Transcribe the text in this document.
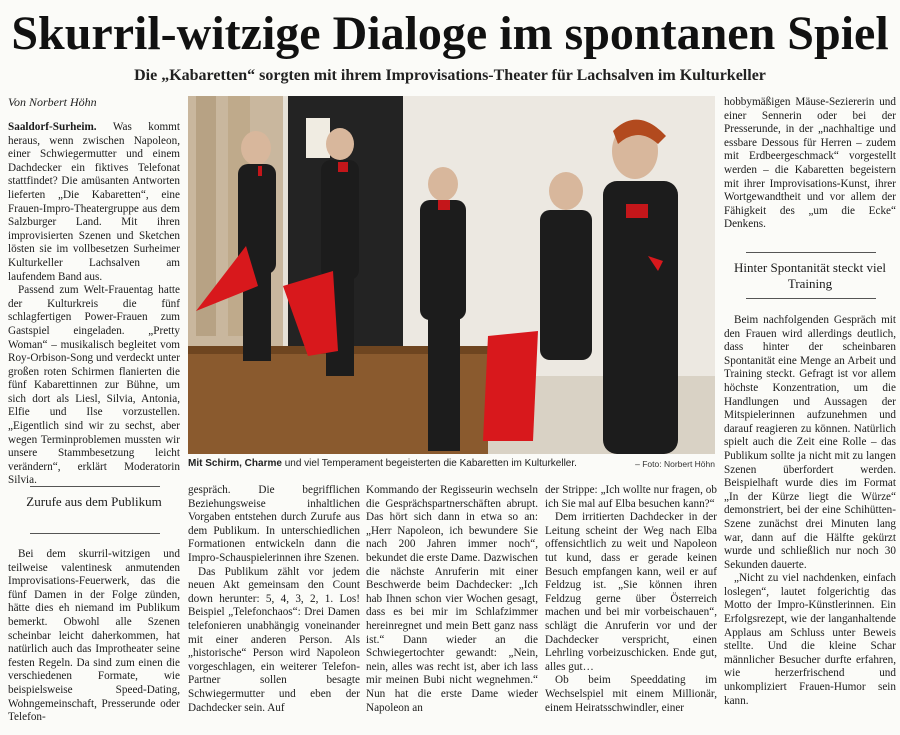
Skurril-witzige Dialoge im spontanen Spiel
Die „Kabaretten“ sorgten mit ihrem Improvisations-Theater für Lachsalven im Kulturkeller
Von Norbert Höhn

Saaldorf-Surheim. Was kommt heraus, wenn zwischen Napoleon, einer Schwiegermutter und einem Dachdecker ein fiktives Telefonat stattfindet? Die amüsanten Antworten lieferten „Die Kabaretten“, eine Frauen-Impro-Theatergruppe aus dem Salzburger Land. Mit ihren improvisierten Szenen und Sketchen lösten sie im vollbesetzen Surheimer Kulturkeller Lachsalven am laufendem Band aus.

Passend zum Welt-Frauentag hatte der Kulturkreis die fünf schlagfertigen Power-Frauen zum Gastspiel eingeladen. „Pretty Woman“ – musikalisch begleitet vom Roy-Orbison-Song und verdeckt unter großen roten Schirmen flanierten die fünf Kabarettinnen zur Bühne, um sich dort als Liesl, Silvia, Antonia, Elfie und Ilse vorzustellen. „Eigentlich sind wir zu sechst, aber wegen Terminproblemen mussten wir unsere Stammbesetzung leicht verändern“, erklärt Moderatorin Silvia.

Zurufe aus dem Publikum

Bei dem skurril-witzigen und teilweise valentinesk anmutenden Improvisations-Feuerwerk, das die fünf Damen in der Folge zünden, hätte dies eh niemand im Publikum bemerkt. Obwohl alle Szenen scheinbar leicht daherkommen, hat natürlich auch das Improtheater seine festen Regeln. Da sind zum einen die verschiedenen Formate, wie beispielsweise Speed-Dating, Wohngemeinschaft, Presserunde oder Telefon-

Mit Schirm, Charme und viel Temperament begeisterten die Kabaretten im Kulturkeller.	– Foto: Norbert Höhn

gespräch. Die begrifflichen Beziehungsweise inhaltlichen Vorgaben entstehen durch Zurufe aus dem Publikum. In unterschiedlichen Formationen entwickeln dann die Impro-Schauspielerinnen ihre Szenen.

Das Publikum zählt vor jedem neuen Akt gemeinsam den Count down herunter: 5, 4, 3, 2, 1. Los! Beispiel „Telefonchaos“: Drei Damen telefonieren unabhängig voneinander mit einer anderen Person. Als „historische“ Person wird Napoleon vorgeschlagen, ein weiterer Telefon-Partner sollen besagte Schwiegermutter und eben der Dachdecker sein. Auf

Kommando der Regisseurin wechseln die Gesprächspartnerschäften abrupt. Das hört sich dann in etwa so an: „Herr Napoleon, ich bewundere Sie nach 200 Jahren immer noch“, bekundet die erste Dame. Dazwischen die nächste Anruferin mit einer Beschwerde beim Dachdecker: „Ich hab Ihnen schon vier Wochen gesagt, dass es bei mir im Schlafzimmer hereinregnet und mein Bett ganz nass ist.“ Dann wieder an die Schwiegertochter gewandt: „Nein, nein, alles was recht ist, aber ich lass mir meinen Bubi nicht wegnehmen.“ Nun hat die erste Dame wieder Napoleon an

der Strippe: „Ich wollte nur fragen, ob ich Sie mal auf Elba besuchen kann?“

Dem irritierten Dachdecker in der Leitung scheint der Weg nach Elba offensichtlich zu weit und Napoleon tut kund, dass er gerade keinen Besuch empfangen kann, weil er auf Feldzug ist. „Sie können ihren Feldzug gerne über Österreich machen und bei mir vorbeischauen“, schlägt die Anruferin vor und der Dachdecker verspricht, einen Lehrling vorbeizuschicken. Ende gut, alles gut…

Ob beim Speeddating im Wechselspiel mit einem Millionär, einem Heiratsschwindler, einer

hobbymäßigen Mäuse-Seziererin und einer Sennerin oder bei der Presserunde, in der „nachhaltige und essbare Dessous für Herren – zudem mit Erdbeergeschmack“ vorgestellt werden – die Kabaretten begeistern mit ihrer Improvisations-Kunst, ihrer Wortgewandtheit und vor allem der Fähigkeit des „um die Ecke“ Denkens.

Hinter Spontanität steckt viel Training

Beim nachfolgenden Gespräch mit den Frauen wird allerdings deutlich, dass hinter der scheinbaren Spontanität eine Menge an Arbeit und Training steckt. Gefragt ist vor allem höchste Konzentration, um die Handlungen und Aussagen der Mitspielerinnen aufzunehmen und darauf reagieren zu können. Natürlich spielt auch die Zeit eine Rolle – das Publikum sollte ja nicht mit zu langen Szenen überfordert werden. Beispielhaft wurde dies im Format „In der Kürze liegt die Würze“ demonstriert, bei der eine Schihütten-Szene zunächst drei Minuten lang war, dann auf die Hälfte gekürzt wurde und schließlich nur noch 30 Sekunden dauerte.

„Nicht zu viel nachdenken, einfach loslegen“, lautet folgerichtig das Motto der Impro-Künstlerinnen. Ein Erfolgsrezept, wie der langanhaltende Applaus am Schluss unter Beweis stellte. Und die kleine Schar männlicher Besucher durfte erfahren, wie herzerfrischend und unkompliziert Frauen-Humor sein kann.
